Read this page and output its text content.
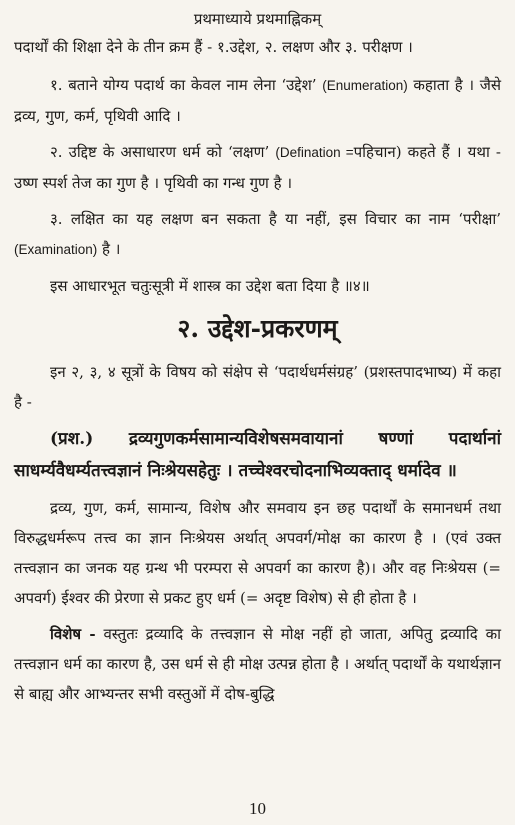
प्रथमाध्याये प्रथमाह्निकम्

पदार्थों की शिक्षा देने के तीन क्रम हैं - १.उद्देश, २. लक्षण और ३. परीक्षण ।

१. बताने योग्य पदार्थ का केवल नाम लेना ‘उद्देश’ (Enumeration) कहाता है । जैसे द्रव्य, गुण, कर्म, पृथिवी आदि ।

२. उद्दिष्ट के असाधारण धर्म को ‘लक्षण’ (Defination =पहिचान) कहते हैं । यथा - उष्ण स्पर्श तेज का गुण है । पृथिवी का गन्ध गुण है ।

३. लक्षित का यह लक्षण बन सकता है या नहीं, इस विचार का नाम ‘परीक्षा’ (Examination) है ।

इस आधारभूत चतुःसूत्री में शास्त्र का उद्देश बता दिया है ॥४॥

२. उद्देश-प्रकरणम्

इन २, ३, ४ सूत्रों के विषय को संक्षेप से ‘पदार्थधर्मसंग्रह’ (प्रशस्तपादभाष्य) में कहा है -

(प्रश.) द्रव्यगुणकर्मसामान्यविशेषसमवायानां षण्णां पदार्थानां साधर्म्यवैधर्म्यतत्त्वज्ञानं निःश्रेयसहेतुः । तच्चेश्वरचोदनाभिव्यक्ताद् धर्मादेव ॥

द्रव्य, गुण, कर्म, सामान्य, विशेष और समवाय इन छह पदार्थों के समानधर्म तथा विरुद्धधर्मरूप तत्त्व का ज्ञान निःश्रेयस अर्थात् अपवर्ग/मोक्ष का कारण है । (एवं उक्त तत्त्वज्ञान का जनक यह ग्रन्थ भी परम्परा से अपवर्ग का कारण है)। और वह निःश्रेयस (= अपवर्ग) ईश्वर की प्रेरणा से प्रकट हुए धर्म (= अदृष्ट विशेष) से ही होता है ।

विशेष - वस्तुतः द्रव्यादि के तत्त्वज्ञान से मोक्ष नहीं हो जाता, अपितु द्रव्यादि का तत्त्वज्ञान धर्म का कारण है, उस धर्म से ही मोक्ष उत्पन्न होता है । अर्थात् पदार्थों के यथार्थज्ञान से बाह्य और आभ्यन्तर सभी वस्तुओं में दोष-बुद्धि

10
